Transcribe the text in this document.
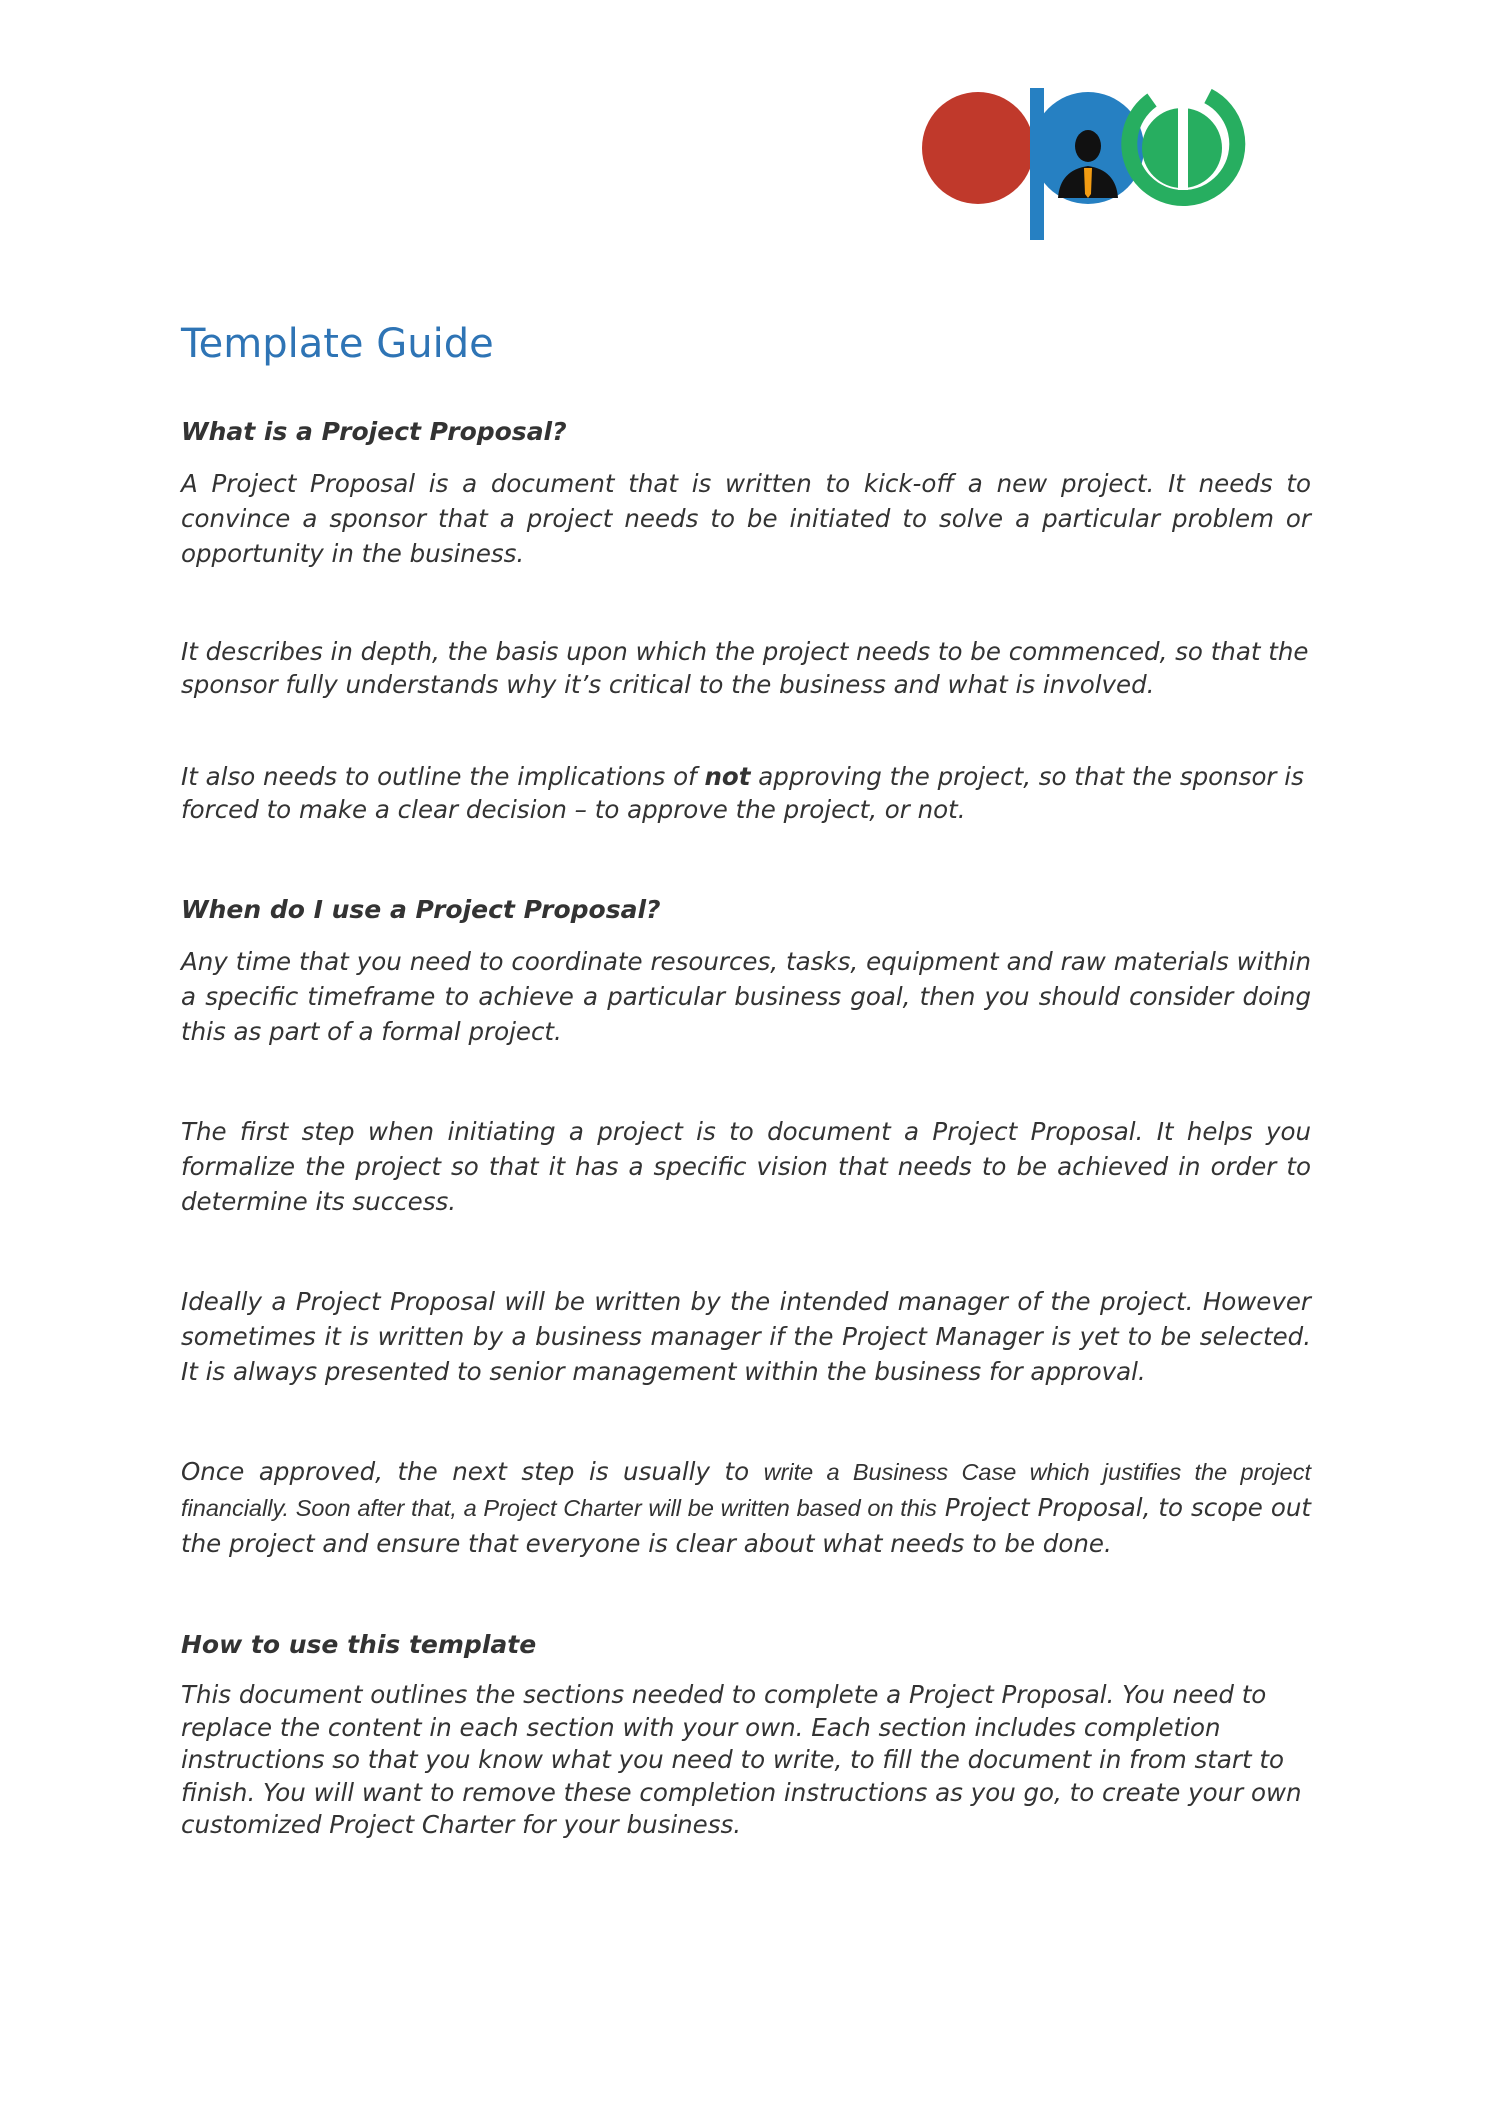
Template Guide
What is a Project Proposal?

A Project Proposal is a document that is written to kick-off a new project. It needs to convince a sponsor that a project needs to be initiated to solve a particular problem or opportunity in the business.

It describes in depth, the basis upon which the project needs to be commenced, so that the sponsor fully understands why it’s critical to the business and what is involved.

It also needs to outline the implications of not approving the project, so that the sponsor is forced to make a clear decision – to approve the project, or not.

When do I use a Project Proposal?

Any time that you need to coordinate resources, tasks, equipment and raw materials within a specific timeframe to achieve a particular business goal, then you should consider doing this as part of a formal project.

The first step when initiating a project is to document a Project Proposal. It helps you formalize the project so that it has a specific vision that needs to be achieved in order to determine its success.

Ideally a Project Proposal will be written by the intended manager of the project. However sometimes it is written by a business manager if the Project Manager is yet to be selected. It is always presented to senior management within the business for approval.

Once approved, the next step is usually to write a Business Case which justifies the project financially. Soon after that, a Project Charter will be written based on this Project Proposal, to scope out the project and ensure that everyone is clear about what needs to be done.

How to use this template

This document outlines the sections needed to complete a Project Proposal. You need to replace the content in each section with your own. Each section includes completion instructions so that you know what you need to write, to fill the document in from start to finish. You will want to remove these completion instructions as you go, to create your own customized Project Charter for your business.
